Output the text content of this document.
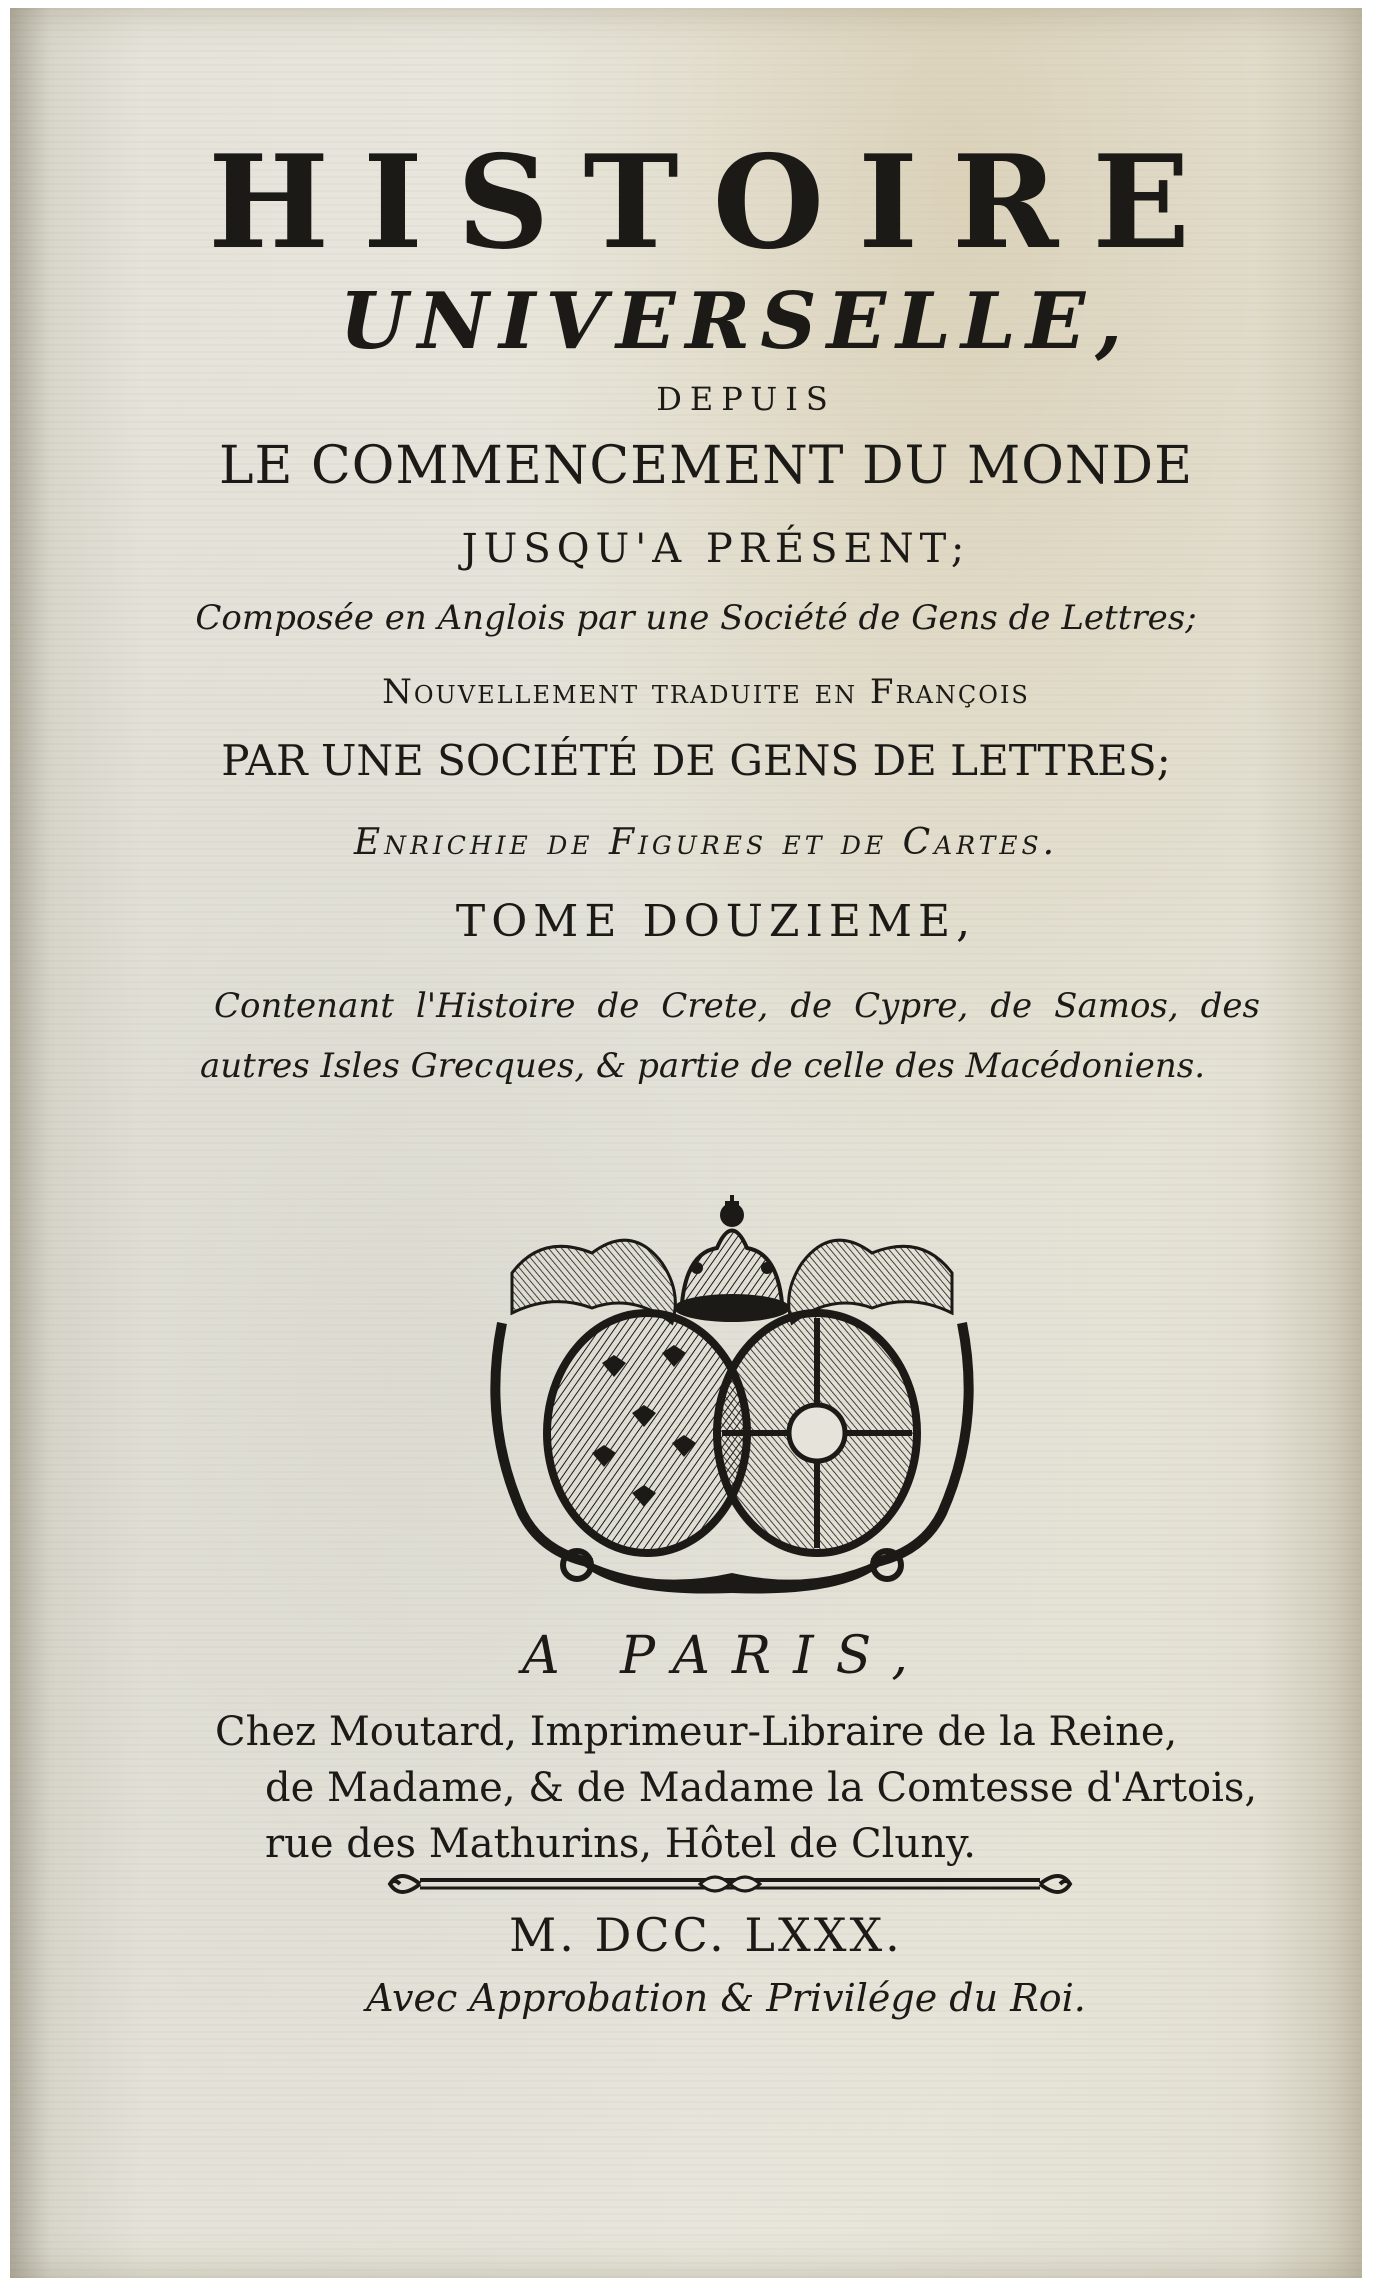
HISTOIRE
UNIVERSELLE,
DEPUIS
LE COMMENCEMENT DU MONDE
JUSQU'A PRÉSENT;
Composée en Anglois par une Société de Gens de Lettres;
Nouvellement traduite en François
PAR UNE SOCIÉTÉ DE GENS DE LETTRES;
Enrichie de Figures et de Cartes.
TOME DOUZIEME,
Contenant l'Histoire de Crete, de Cypre, de Samos, des autres Isles Grecques, & partie de celle des Macédoniens.
A PARIS,
Chez Moutard, Imprimeur-Libraire de la Reine,
de Madame, & de Madame la Comtesse d'Artois,
rue des Mathurins, Hôtel de Cluny.
M. DCC. LXXX.
Avec Approbation & Privilége du Roi.
